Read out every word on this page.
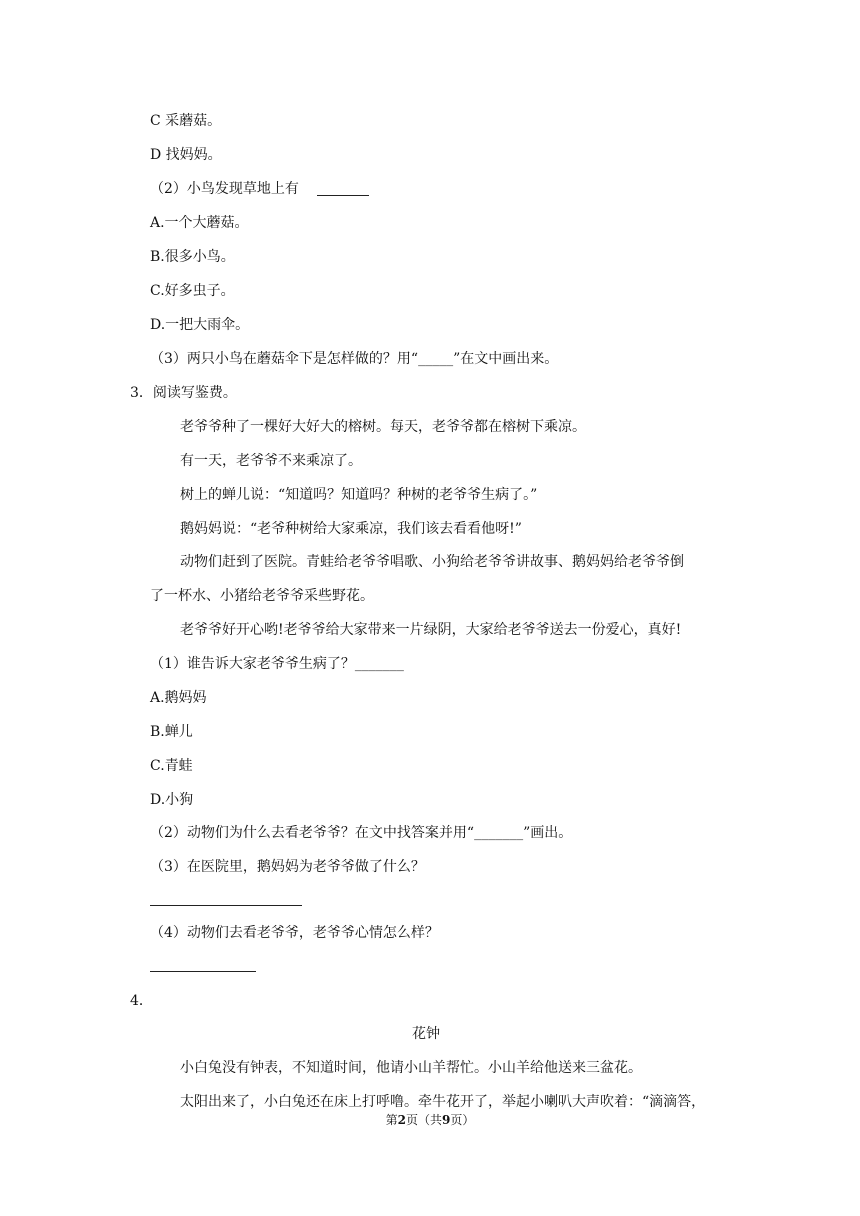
C 采蘑菇。
D 找妈妈。
（2）小鸟发现草地上有
A.一个大蘑菇。
B.很多小鸟。
C.好多虫子。
D.一把大雨伞。
（3）两只小鸟在蘑菇伞下是怎样做的？用“_____”在文中画出来。
3．阅读写鉴费。
老爷爷种了一棵好大好大的榕树。每天，老爷爷都在榕树下乘凉。
有一天，老爷爷不来乘凉了。
树上的蝉儿说：“知道吗？知道吗？种树的老爷爷生病了。”
鹅妈妈说：“老爷种树给大家乘凉，我们该去看看他呀!”
动物们赶到了医院。青蛙给老爷爷唱歌、小狗给老爷爷讲故事、鹅妈妈给老爷爷倒
了一杯水、小猪给老爷爷采些野花。
老爷爷好开心哟!老爷爷给大家带来一片绿阴，大家给老爷爷送去一份爱心，真好!
（1）谁告诉大家老爷爷生病了？_______
A.鹅妈妈
B.蝉儿
C.青蛙
D.小狗
（2）动物们为什么去看老爷爷？在文中找答案并用“_______”画出。
（3）在医院里，鹅妈妈为老爷爷做了什么？
（4）动物们去看老爷爷，老爷爷心情怎么样？
4．
花钟
小白兔没有钟表，不知道时间，他请小山羊帮忙。小山羊给他送来三盆花。
太阳出来了，小白兔还在床上打呼噜。牵牛花开了，举起小喇叭大声吹着：“滴滴答，
第2页（共9页）
